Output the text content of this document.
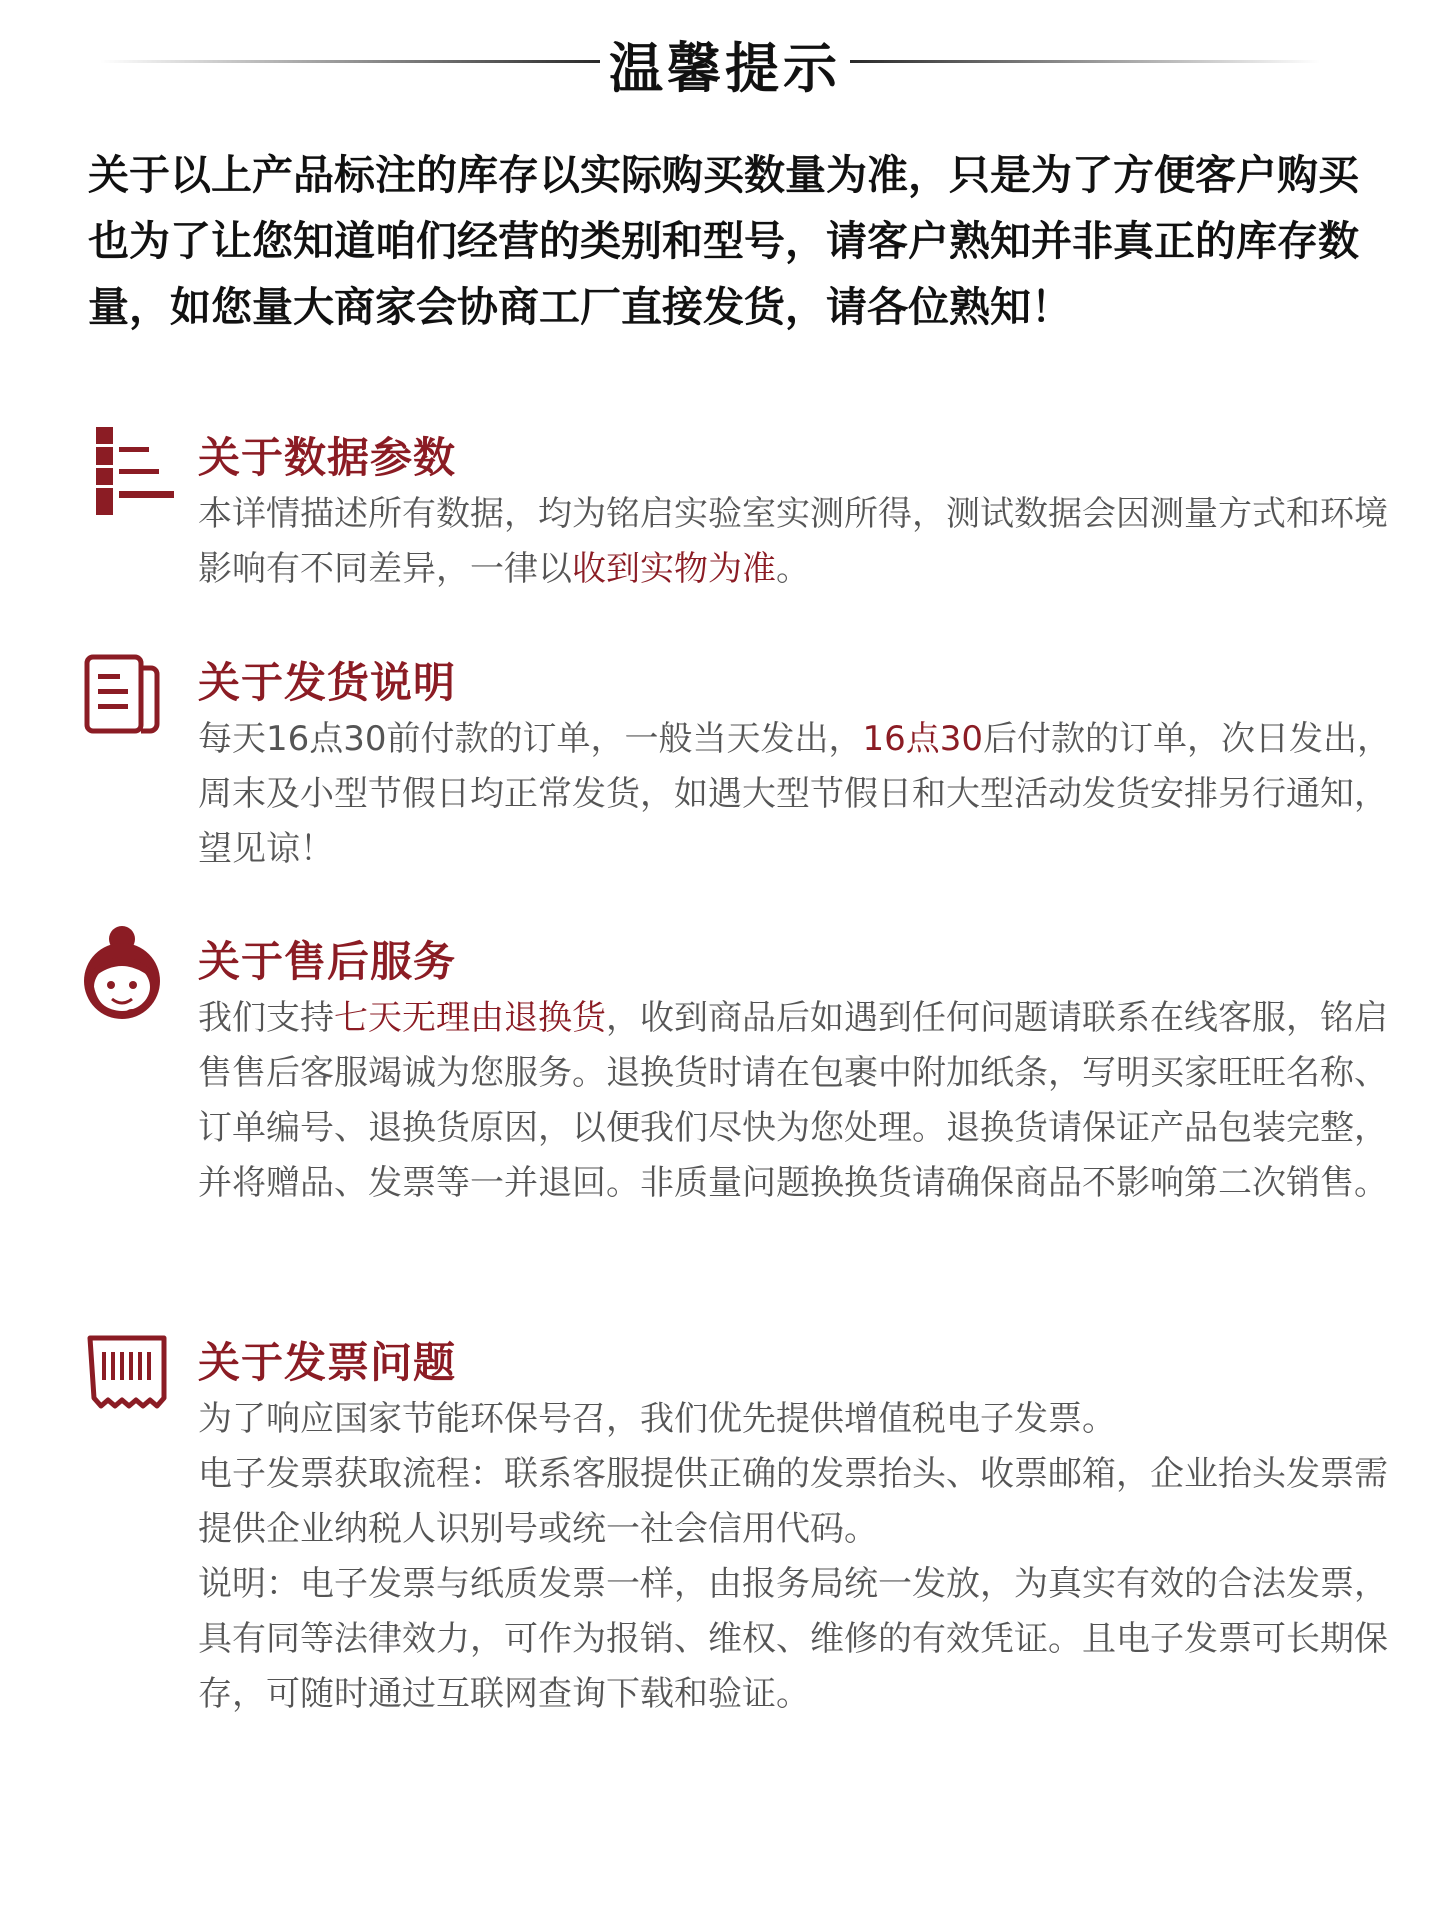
温馨提示
关于以上产品标注的库存以实际购买数量为准，只是为了方便客户购买也为了让您知道咱们经营的类别和型号，请客户熟知并非真正的库存数量，如您量大商家会协商工厂直接发货，请各位熟知！
关于数据参数
本详情描述所有数据，均为铭启实验室实测所得，测试数据会因测量方式和环境影响有不同差异，一律以收到实物为准。
关于发货说明
每天16点30前付款的订单，一般当天发出，16点30后付款的订单，次日发出，周末及小型节假日均正常发货，如遇大型节假日和大型活动发货安排另行通知，望见谅！
关于售后服务
我们支持七天无理由退换货，收到商品后如遇到任何问题请联系在线客服，铭启售售后客服竭诚为您服务。退换货时请在包裹中附加纸条，写明买家旺旺名称、订单编号、退换货原因，以便我们尽快为您处理。退换货请保证产品包装完整，并将赠品、发票等一并退回。非质量问题换换货请确保商品不影响第二次销售。
关于发票问题
为了响应国家节能环保号召，我们优先提供增值税电子发票。
电子发票获取流程：联系客服提供正确的发票抬头、收票邮箱，企业抬头发票需提供企业纳税人识别号或统一社会信用代码。
说明：电子发票与纸质发票一样，由报务局统一发放，为真实有效的合法发票，具有同等法律效力，可作为报销、维权、维修的有效凭证。且电子发票可长期保存，可随时通过互联网查询下载和验证。
